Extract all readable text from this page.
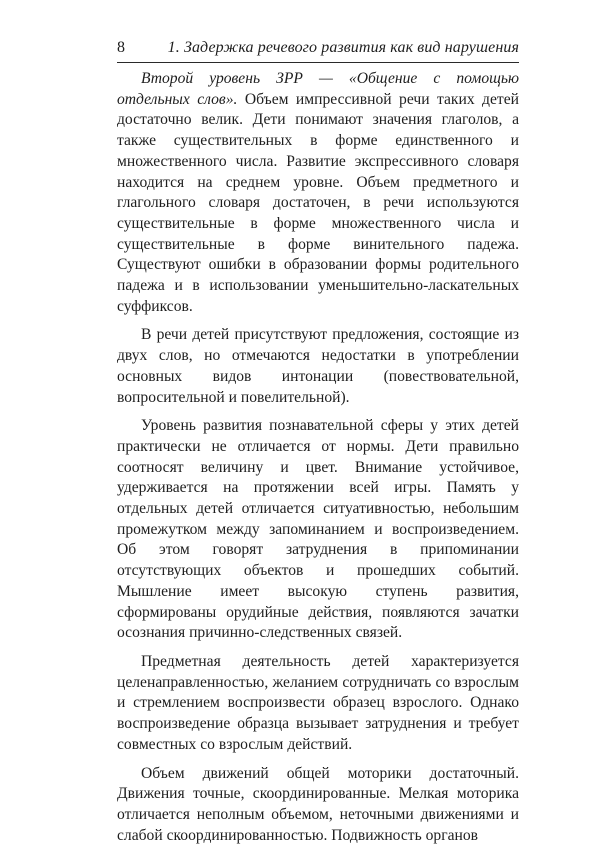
8	1. Задержка речевого развития как вид нарушения

Второй уровень ЗРР — «Общение с помощью отдельных слов». Объем импрессивной речи таких детей достаточно велик. Дети понимают значения глаголов, а также существительных в форме единственного и множественного числа. Развитие экспрессивного словаря находится на среднем уровне. Объем предметного и глагольного словаря достаточен, в речи используются существительные в форме множественного числа и существительные в форме винительного падежа. Существуют ошибки в образовании формы родительного падежа и в использовании уменьшительно-ласкательных суффиксов.

В речи детей присутствуют предложения, состоящие из двух слов, но отмечаются недостатки в употреблении основных видов интонации (повествовательной, вопросительной и повелительной).

Уровень развития познавательной сферы у этих детей практически не отличается от нормы. Дети правильно соотносят величину и цвет. Внимание устойчивое, удерживается на протяжении всей игры. Память у отдельных детей отличается ситуативностью, небольшим промежутком между запоминанием и воспроизведением. Об этом говорят затруднения в припоминании отсутствующих объектов и прошедших событий. Мышление имеет высокую ступень развития, сформированы орудийные действия, появляются зачатки осознания причинно-следственных связей.

Предметная деятельность детей характеризуется целенаправленностью, желанием сотрудничать со взрослым и стремлением воспроизвести образец взрослого. Однако воспроизведение образца вызывает затруднения и требует совместных со взрослым действий.

Объем движений общей моторики достаточный. Движения точные, скоординированные. Мелкая моторика отличается неполным объемом, неточными движениями и слабой скоординированностью. Подвижность органов
